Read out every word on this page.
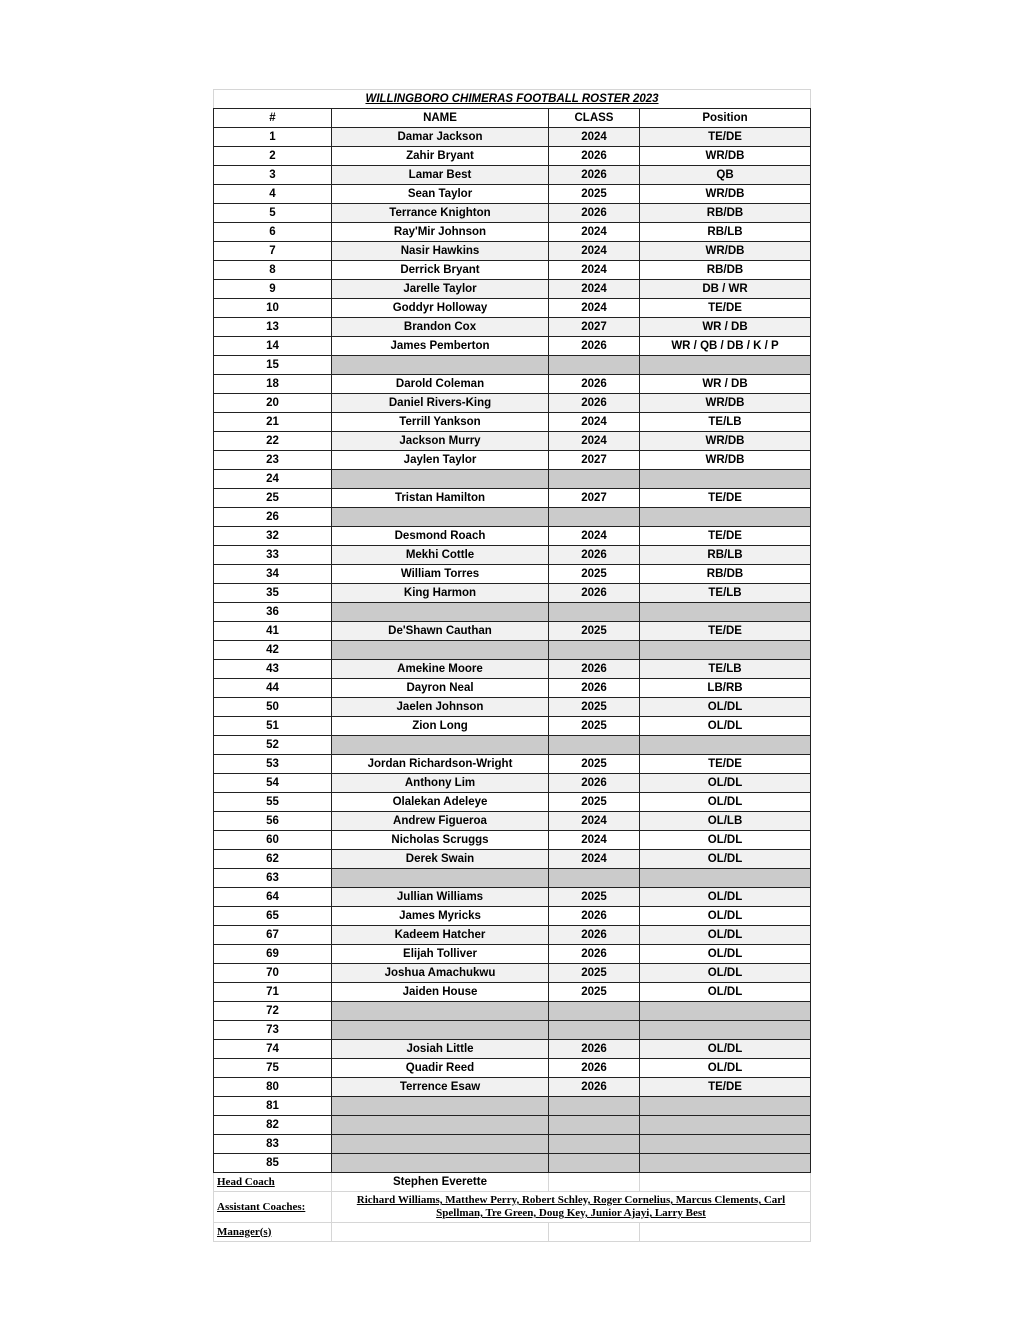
WILLINGBORO CHIMERAS FOOTBALL ROSTER 2023			
#	NAME	CLASS	Position
1	Damar Jackson	2024	TE/DE
2	Zahir Bryant	2026	WR/DB
3	Lamar Best	2026	QB
4	Sean Taylor	2025	WR/DB
5	Terrance Knighton	2026	RB/DB
6	Ray'Mir Johnson	2024	RB/LB
7	Nasir Hawkins	2024	WR/DB
8	Derrick Bryant	2024	RB/DB
9	Jarelle Taylor	2024	DB / WR
10	Goddyr Holloway	2024	TE/DE
13	Brandon Cox	2027	WR / DB
14	James Pemberton	2026	WR / QB / DB / K / P
15			
18	Darold Coleman	2026	WR / DB
20	Daniel Rivers-King	2026	WR/DB
21	Terrill Yankson	2024	TE/LB
22	Jackson Murry	2024	WR/DB
23	Jaylen Taylor	2027	WR/DB
24			
25	Tristan Hamilton	2027	TE/DE
26			
32	Desmond Roach	2024	TE/DE
33	Mekhi Cottle	2026	RB/LB
34	William Torres	2025	RB/DB
35	King Harmon	2026	TE/LB
36			
41	De'Shawn Cauthan	2025	TE/DE
42			
43	Amekine Moore	2026	TE/LB
44	Dayron Neal	2026	LB/RB
50	Jaelen Johnson	2025	OL/DL
51	Zion Long	2025	OL/DL
52			
53	Jordan Richardson-Wright	2025	TE/DE
54	Anthony Lim	2026	OL/DL
55	Olalekan Adeleye	2025	OL/DL
56	Andrew Figueroa	2024	OL/LB
60	Nicholas Scruggs	2024	OL/DL
62	Derek Swain	2024	OL/DL
63			
64	Jullian Williams	2025	OL/DL
65	James Myricks	2026	OL/DL
67	Kadeem Hatcher	2026	OL/DL
69	Elijah Tolliver	2026	OL/DL
70	Joshua Amachukwu	2025	OL/DL
71	Jaiden House	2025	OL/DL
72			
73			
74	Josiah Little	2026	OL/DL
75	Quadir Reed	2026	OL/DL
80	Terrence Esaw	2026	TE/DE
81			
82			
83			
85			
Head Coach	Stephen Everette		
Assistant Coaches:	Richard Williams, Matthew Perry, Robert Schley, Roger Cornelius, Marcus Clements, Carl Spellman, Tre Green, Doug Key, Junior Ajayi, Larry Best		
Manager(s)			
